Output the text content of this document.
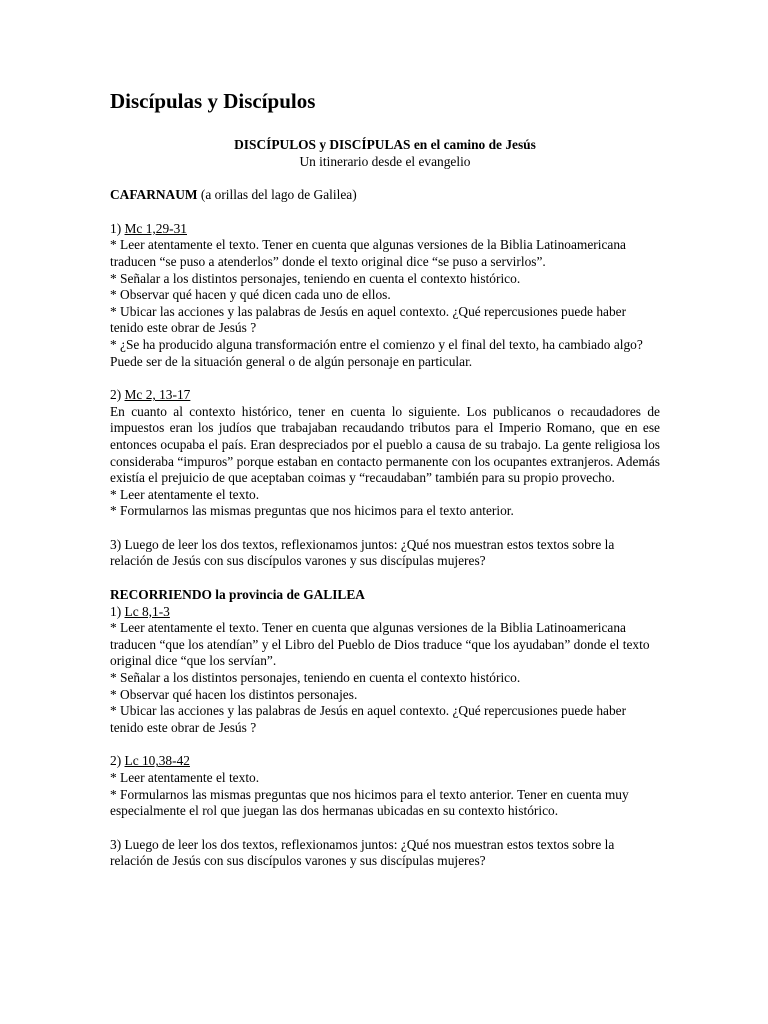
Discípulas y Discípulos

DISCÍPULOS y DISCÍPULAS en el camino de Jesús

Un itinerario desde el evangelio

CAFARNAUM (a orillas del lago de Galilea)

1) Mc 1,29-31

* Leer atentamente el texto. Tener en cuenta que algunas versiones de la Biblia Latinoamericana traducen “se puso a atenderlos” donde el texto original dice “se puso a servirlos”.

* Señalar a los distintos personajes, teniendo en cuenta el contexto histórico.

* Observar qué hacen y qué dicen cada uno de ellos.

* Ubicar las acciones y las palabras de Jesús en aquel contexto. ¿Qué repercusiones puede haber tenido este obrar de Jesús ?

* ¿Se ha producido alguna transformación entre el comienzo y el final del texto, ha cambiado algo? Puede ser de la situación general o de algún personaje en particular.

2) Mc 2, 13-17

En cuanto al contexto histórico, tener en cuenta lo siguiente. Los publicanos o recaudadores de impuestos eran los judíos que trabajaban recaudando tributos para el Imperio Romano, que en ese entonces ocupaba el país. Eran despreciados por el pueblo a causa de su trabajo. La gente religiosa los consideraba “impuros” porque estaban en contacto permanente con los ocupantes extranjeros. Además existía el prejuicio de que aceptaban coimas y “recaudaban” también para su propio provecho.

* Leer atentamente el texto.

* Formularnos las mismas preguntas que nos hicimos para el texto anterior.

3) Luego de leer los dos textos, reflexionamos juntos: ¿Qué nos muestran estos textos sobre la relación de Jesús con sus discípulos varones y sus discípulas mujeres?

RECORRIENDO la provincia de GALILEA

1) Lc 8,1-3

* Leer atentamente el texto. Tener en cuenta que algunas versiones de la Biblia Latinoamericana traducen “que los atendían” y el Libro del Pueblo de Dios traduce “que los ayudaban” donde el texto original dice “que los servían”.

* Señalar a los distintos personajes, teniendo en cuenta el contexto histórico.

* Observar qué hacen los distintos personajes.

* Ubicar las acciones y las palabras de Jesús en aquel contexto. ¿Qué repercusiones puede haber tenido este obrar de Jesús ?

2) Lc 10,38-42

* Leer atentamente el texto.

* Formularnos las mismas preguntas que nos hicimos para el texto anterior. Tener en cuenta muy especialmente el rol que juegan las dos hermanas ubicadas en su contexto histórico.

3) Luego de leer los dos textos, reflexionamos juntos: ¿Qué nos muestran estos textos sobre la relación de Jesús con sus discípulos varones y sus discípulas mujeres?
